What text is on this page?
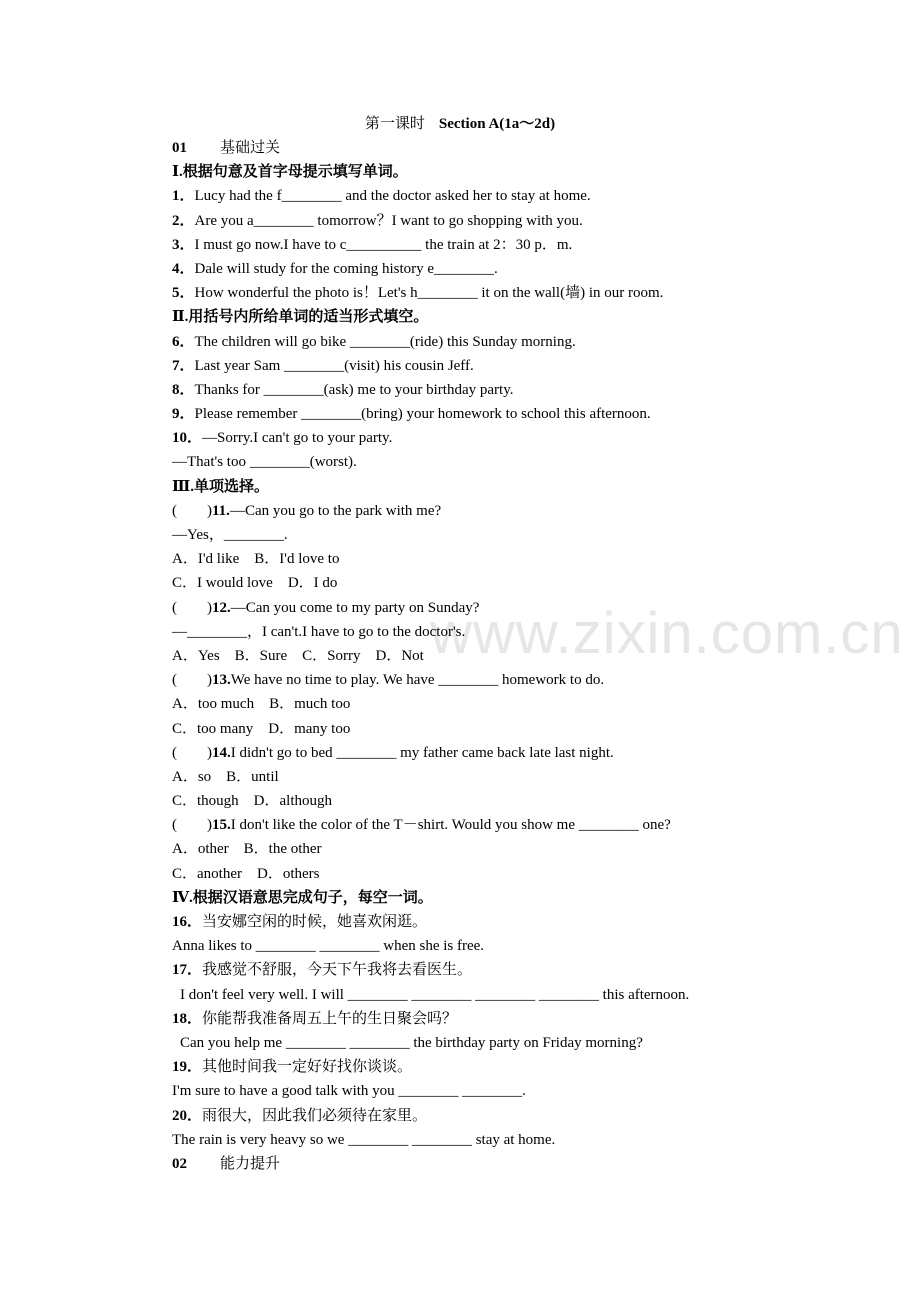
第一课时 Section A(1a～2d)
www.zixin.com.cn
01 基础过关
Ⅰ.根据句意及首字母提示填写单词。
1．Lucy had the f________ and the doctor asked her to stay at home.
2．Are you a________ tomorrow？I want to go shopping with you.
3．I must go now.I have to c__________ the train at 2：30 p．m.
4．Dale will study for the coming history e________.
5．How wonderful the photo is！Let's h________ it on the wall(墙) in our room.
Ⅱ.用括号内所给单词的适当形式填空。
6．The children will go bike ________(ride) this Sunday morning.
7．Last year Sam ________(visit) his cousin Jeff.
8．Thanks for ________(ask) me to your birthday party.
9．Please remember ________(bring) your homework to school this afternoon.
10．—Sorry.I can't go to your party.
—That's too ________(worst).
Ⅲ.单项选择。
(　　)11.—Can you go to the park with me?
—Yes，________.
A．I'd like　B．I'd love to
C．I would love　D．I do
(　　)12.—Can you come to my party on Sunday?
—________，I can't.I have to go to the doctor's.
A．Yes　B．Sure　C．Sorry　D．Not
(　　)13.We have no time to play. We have ________ homework to do.
A．too much　B．much too
C．too many　D．many too
(　　)14.I didn't go to bed ________ my father came back late last night.
A．so　B．until
C．though　D．although
(　　)15.I don't like the color of the T－shirt. Would you show me ________ one?
A．other　B．the other
C．another　D．others
Ⅳ.根据汉语意思完成句子，每空一词。
16．当安娜空闲的时候，她喜欢闲逛。
Anna likes to ________ ________ when she is free.
17．我感觉不舒服，今天下午我将去看医生。
I don't feel very well. I will ________ ________ ________ ________ this afternoon.
18．你能帮我准备周五上午的生日聚会吗？
Can you help me ________ ________ the birthday party on Friday morning?
19．其他时间我一定好好找你谈谈。
I'm sure to have a good talk with you ________ ________.
20．雨很大，因此我们必须待在家里。
The rain is very heavy so we ________ ________ stay at home.
02 能力提升
